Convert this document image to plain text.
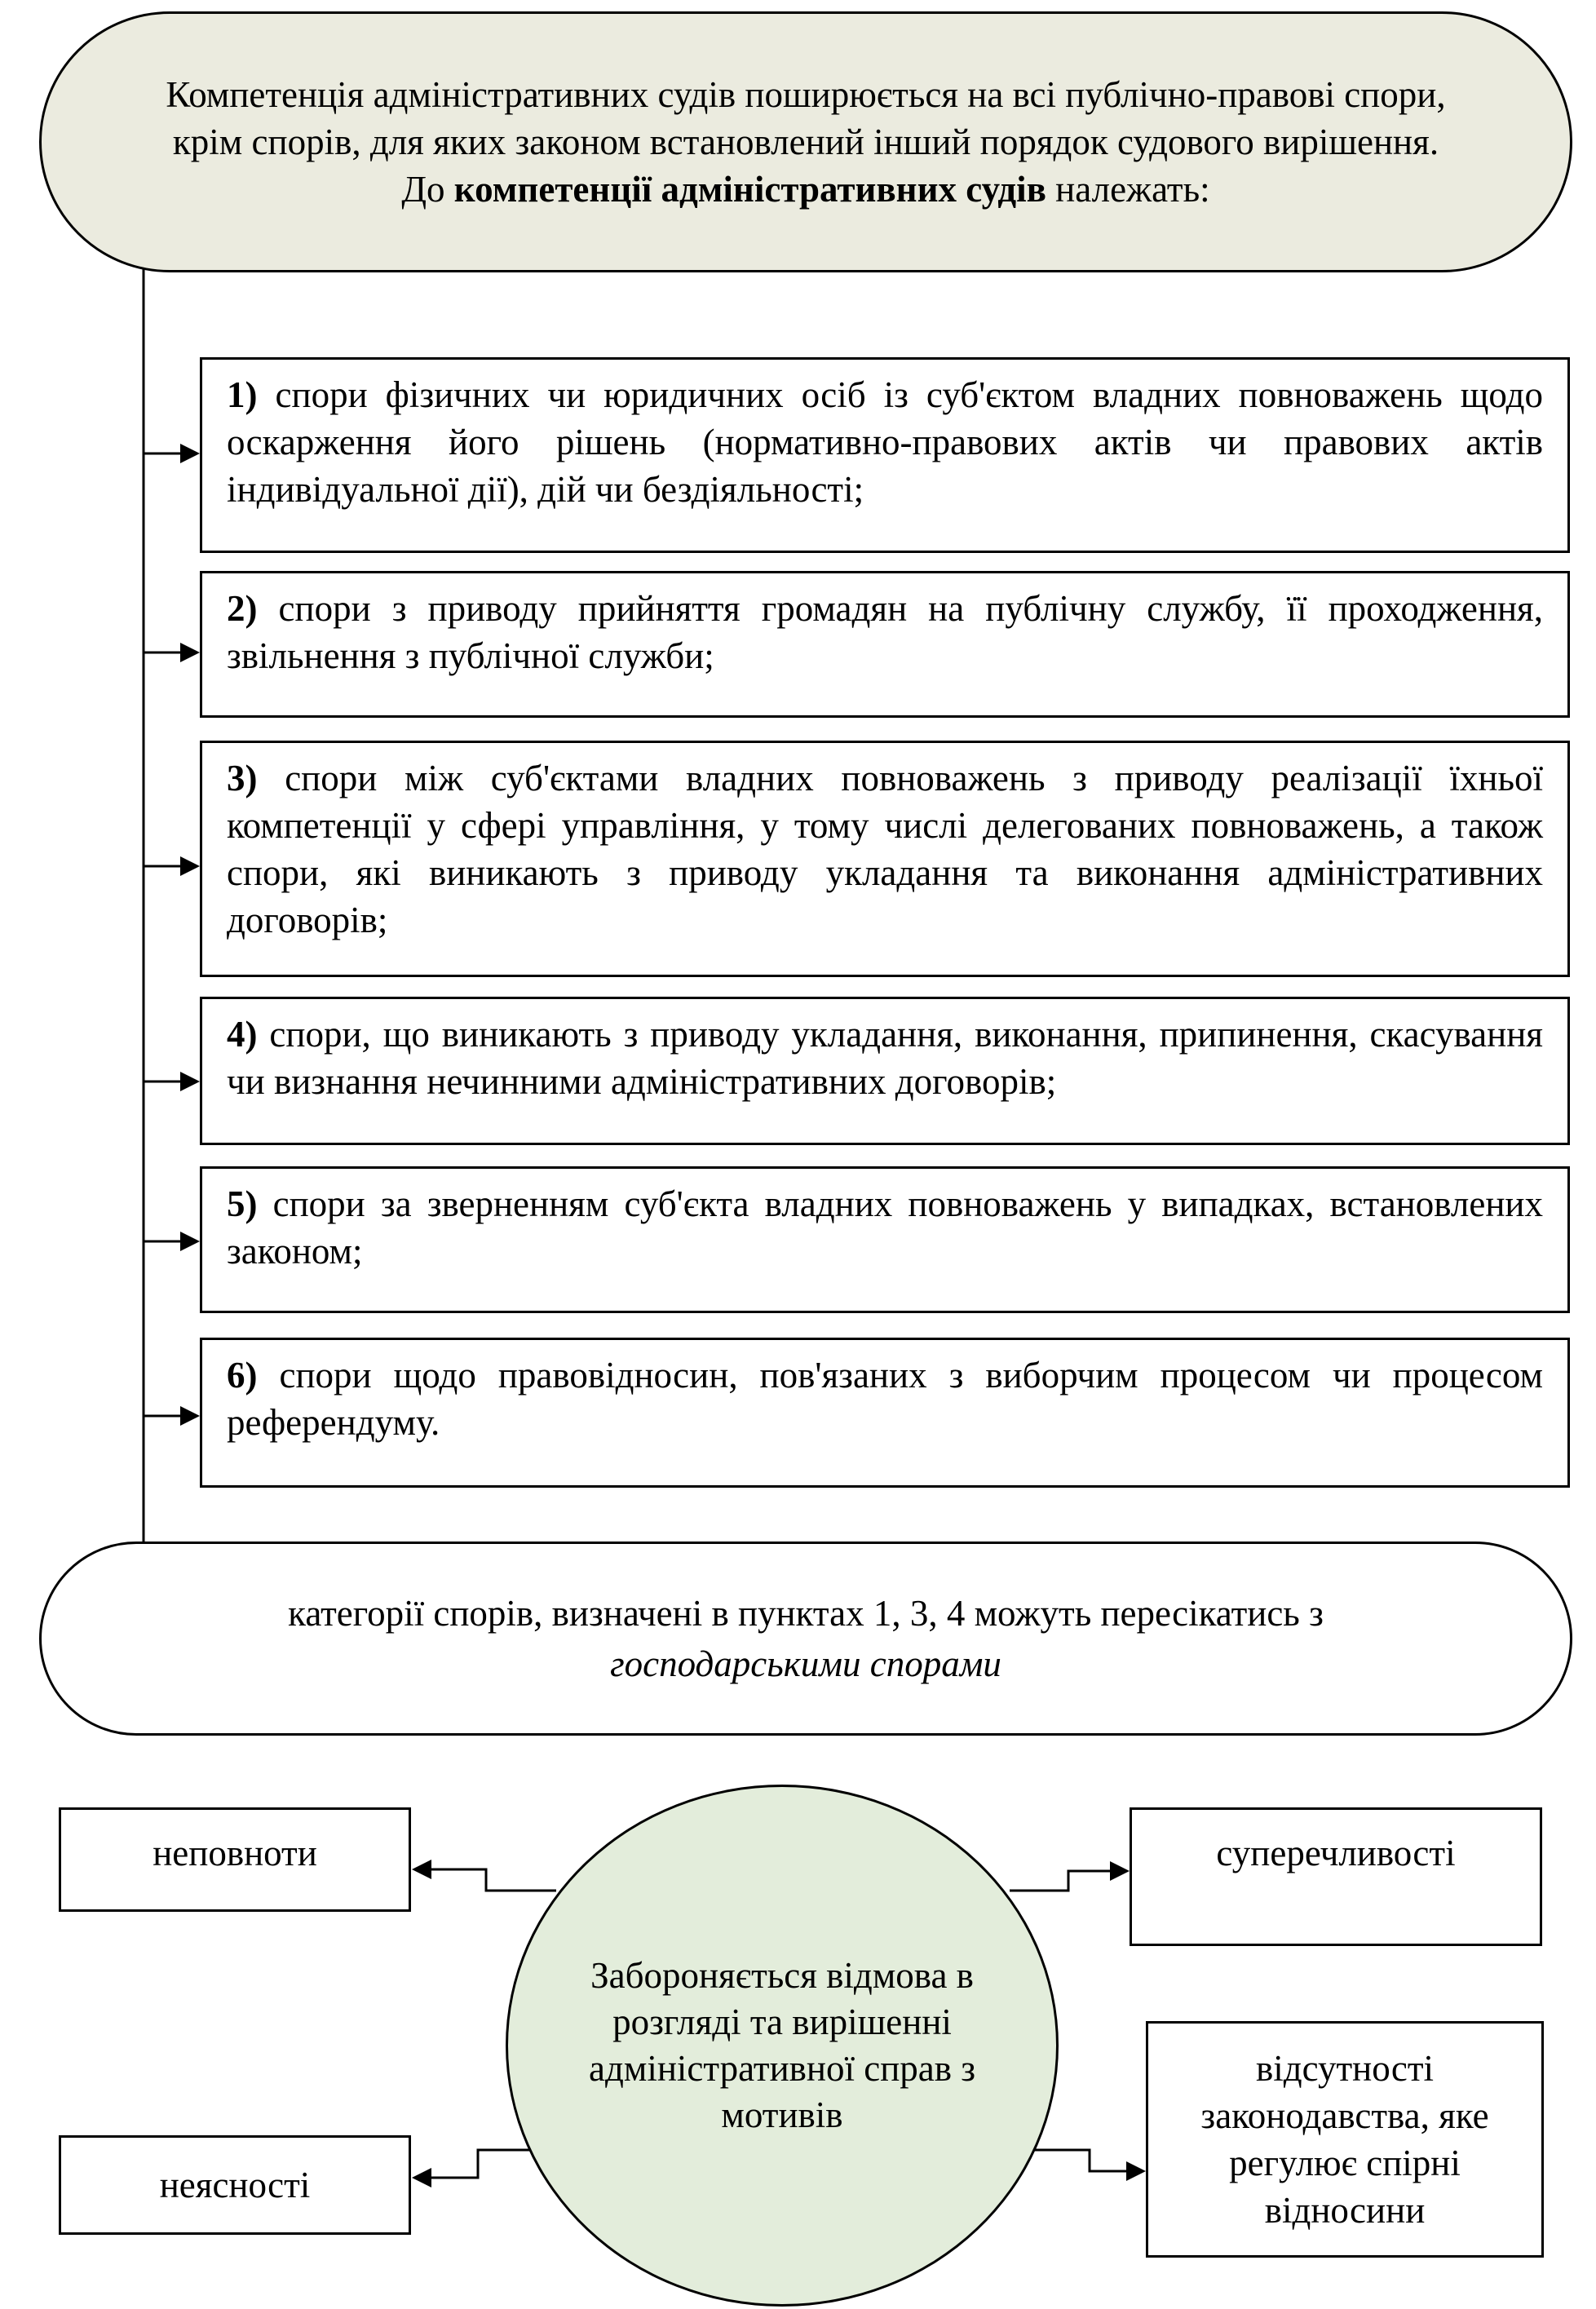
Компетенція адміністративних судів поширюється на всі публічно-правові спори,
крім спорів, для яких законом встановлений інший порядок судового вирішення.
До компетенції адміністративних судів належать:

1) спори фізичних чи юридичних осіб із суб'єктом владних повноважень щодо оскарження його рішень (нормативно-правових актів чи правових актів індивідуальної дії), дій чи бездіяльності;
2) спори з приводу прийняття громадян на публічну службу, її проходження, звільнення з публічної служби;
3) спори між суб'єктами владних повноважень з приводу реалізації їхньої компетенції у сфері управління, у тому числі делегованих повноважень, а також спори, які виникають з приводу укладання та виконання адміністративних договорів;
4) спори, що виникають з приводу укладання, виконання, припинення, скасування чи визнання нечинними адміністративних договорів;
5) спори за зверненням суб'єкта владних повноважень у випадках, встановлених законом;
6) спори щодо правовідносин, пов'язаних з виборчим процесом чи процесом референдуму.
категорії спорів, визначені в пунктах 1, 3, 4 можуть пересікатись з
господарськими спорами
неповноти	суперечливості
Забороняється відмова в розгляді та вирішенні адміністративної справ з мотивів
відсутності законодавства, яке регулює спірні відносини
неясності
